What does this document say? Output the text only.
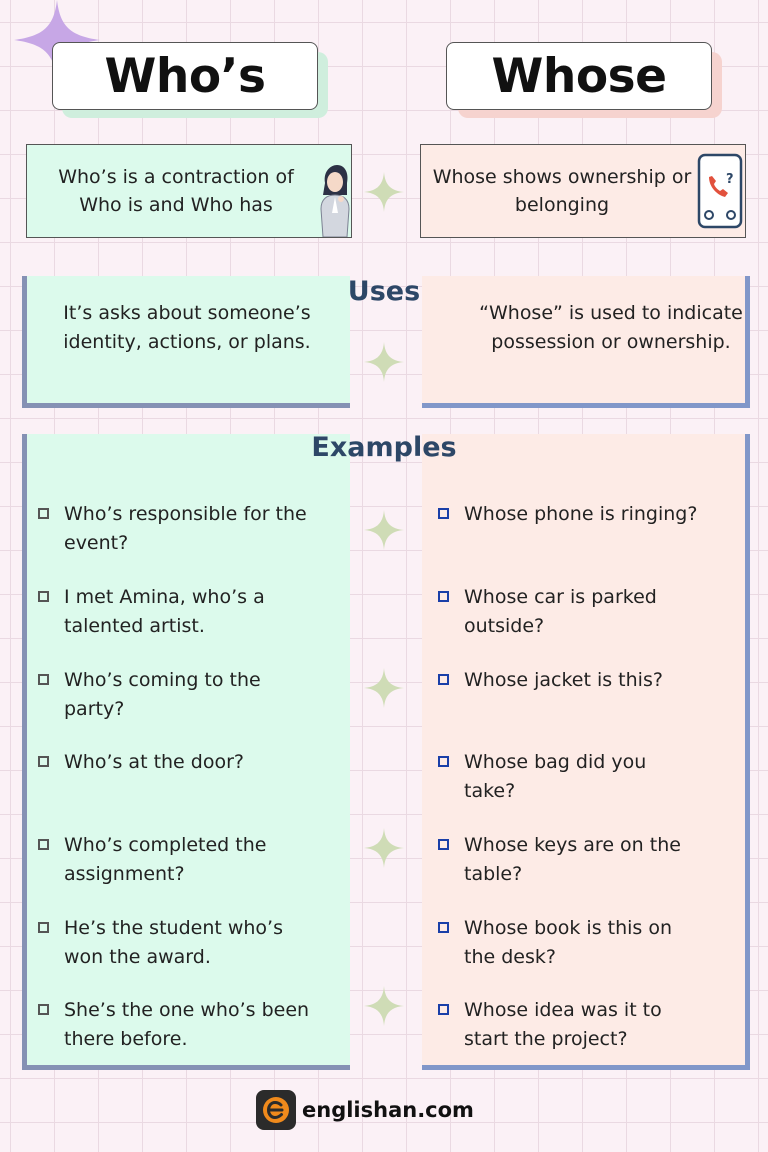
Who’s	Whose
Who’s is a contraction of Who is and Who has
Whose shows ownership or belonging
?
Uses
It’s asks about someone’s identity, actions, or plans.
“Whose” is used to indicate possession or ownership.
Examples
Who’s responsible for the
event?
I met Amina, who’s a
talented artist.
Who’s coming to the
party?
Who’s at the door?
Who’s completed the
assignment?
He’s the student who’s
won the award.
She’s the one who’s been
there before.
Whose phone is ringing?
Whose car is parked
outside?
Whose jacket is this?
Whose bag did you
take?
Whose keys are on the
table?
Whose book is this on
the desk?
Whose idea was it to
start the project?
englishan.com
